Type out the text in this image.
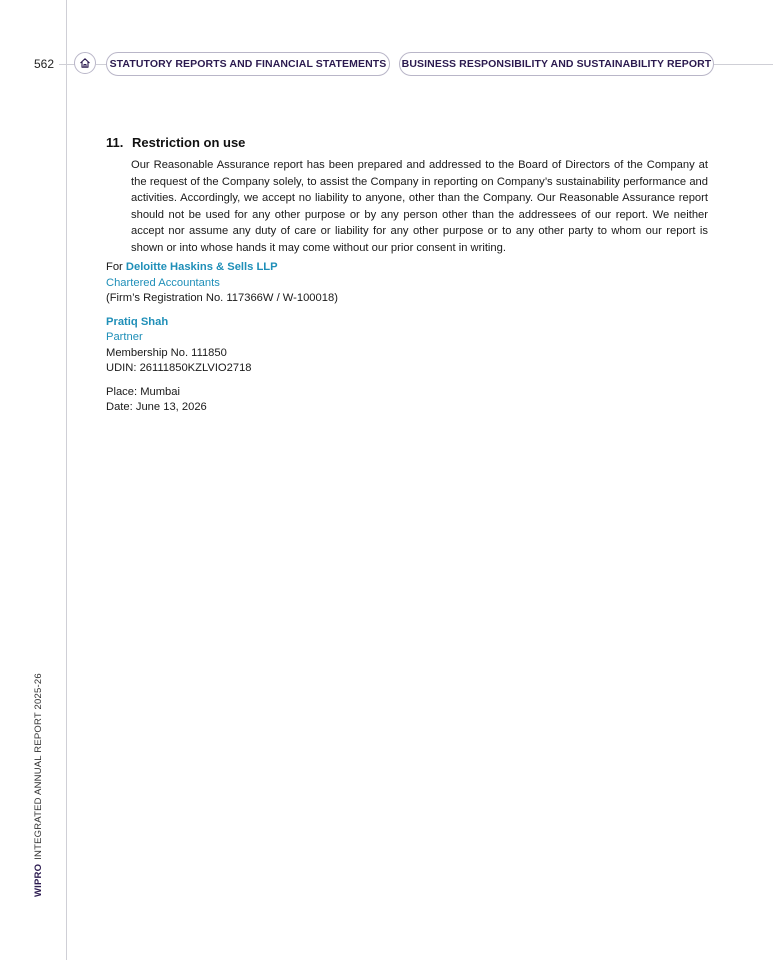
562	STATUTORY REPORTS AND FINANCIAL STATEMENTS	BUSINESS RESPONSIBILITY AND SUSTAINABILITY REPORT
11. Restriction on use

Our Reasonable Assurance report has been prepared and addressed to the Board of Directors of the Company at the request of the Company solely, to assist the Company in reporting on Company’s sustainability performance and activities. Accordingly, we accept no liability to anyone, other than the Company. Our Reasonable Assurance report should not be used for any other purpose or by any person other than the addressees of our report. We neither accept nor assume any duty of care or liability for any other purpose or to any other party to whom our report is shown or into whose hands it may come without our prior consent in writing.

For Deloitte Haskins & Sells LLP
Chartered Accountants
(Firm’s Registration No. 117366W / W-100018)
Pratiq Shah
Partner
Membership No. 111850
UDIN: 26111850KZLVIO2718
Place: Mumbai
Date: June 13, 2026
WIPROINTEGRATED ANNUAL REPORT 2025-26
